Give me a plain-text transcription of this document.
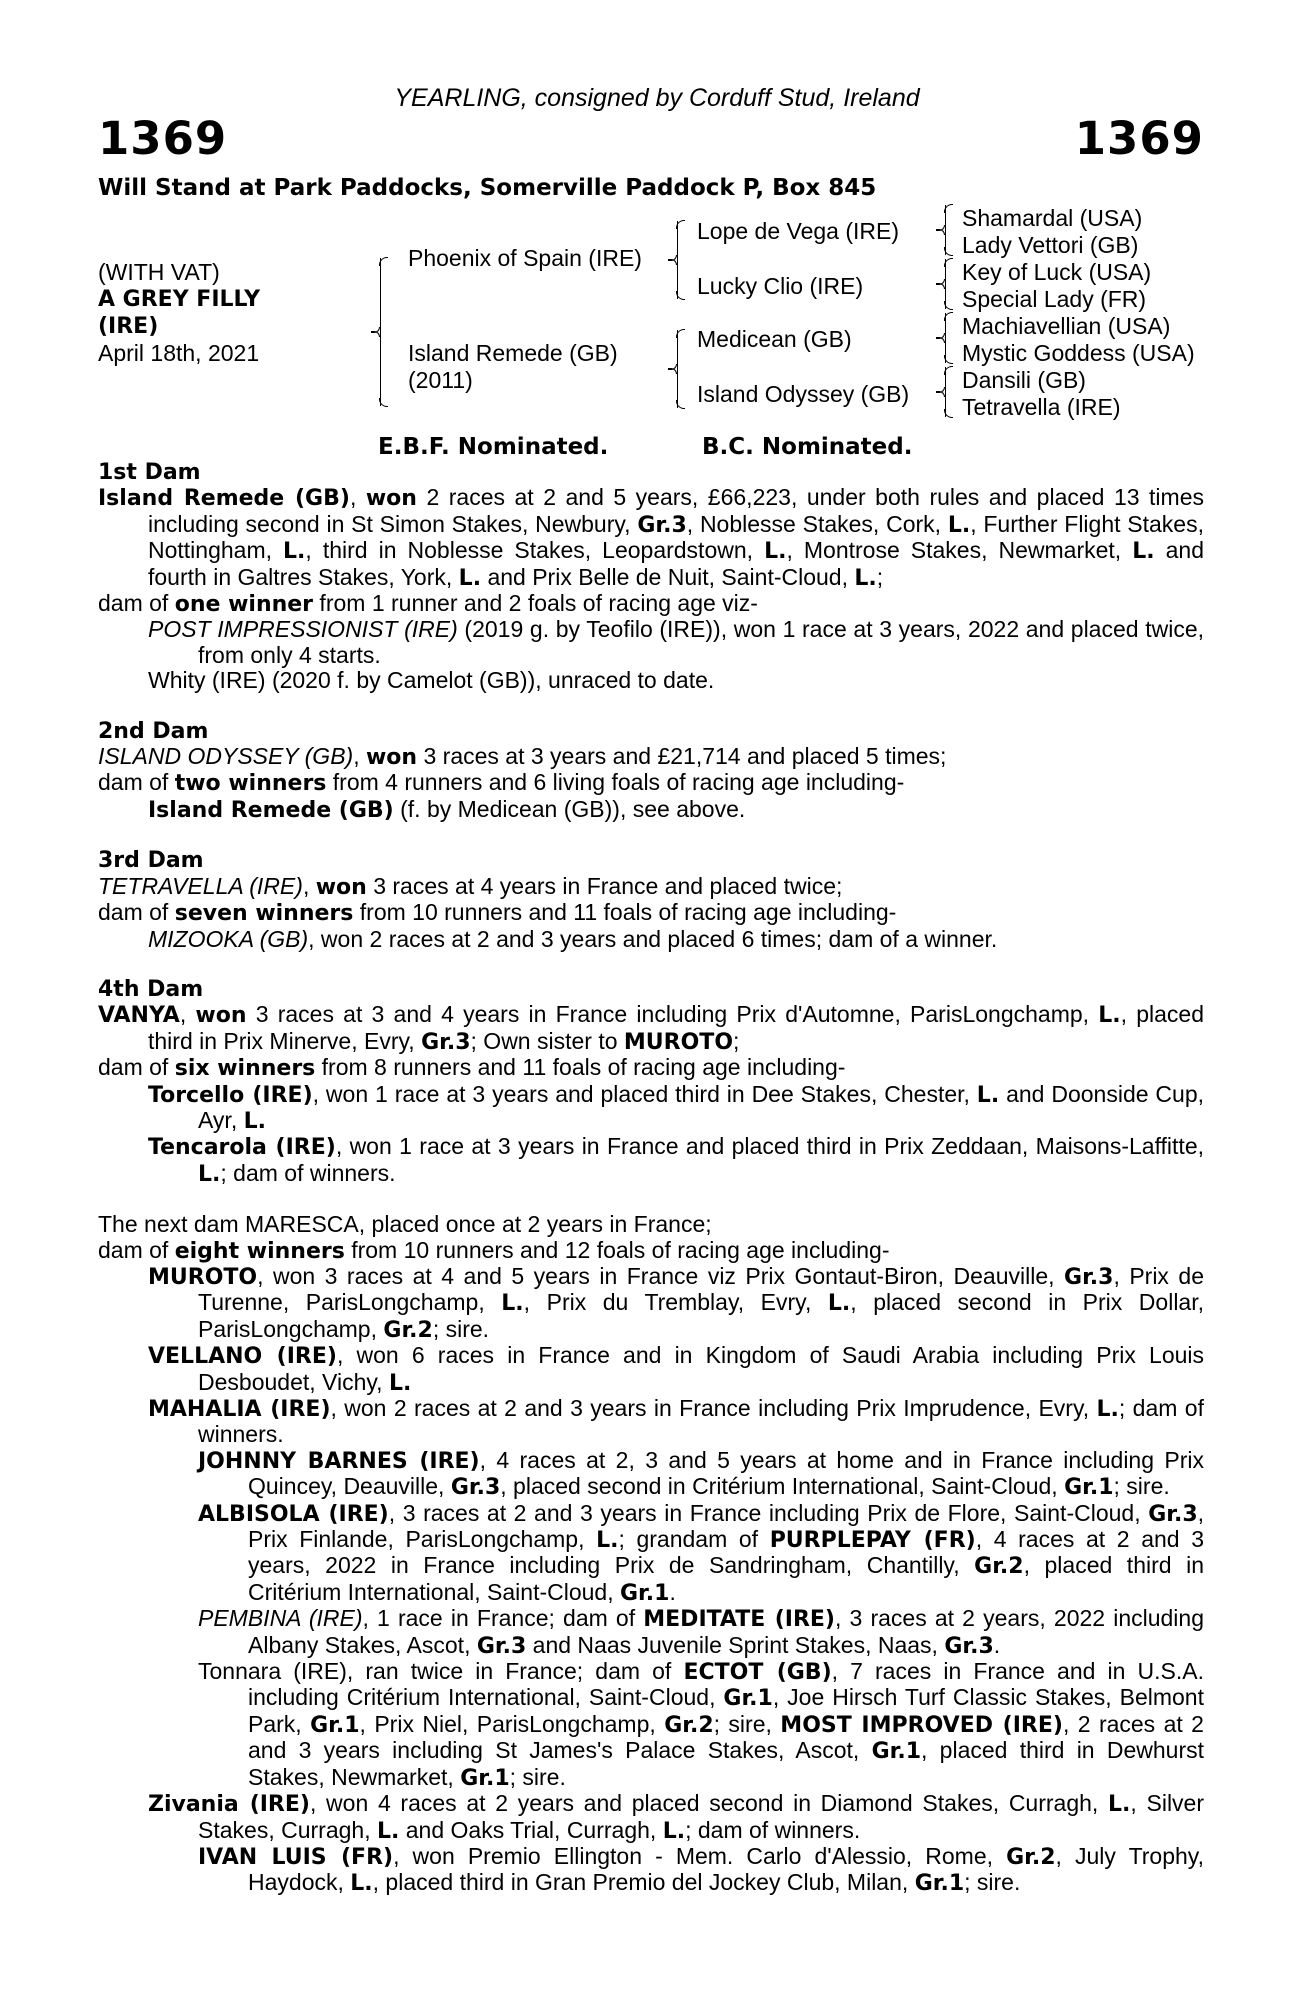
YEARLING, consigned by Corduff Stud, Ireland
1369	1369
Will Stand at Park Paddocks, Somerville Paddock P, Box 845
(WITH VAT)
A GREY FILLY
(IRE)
April 18th, 2021
Phoenix of Spain (IRE)
Island Remede (GB)
(2011)
Lope de Vega (IRE)
Lucky Clio (IRE)
Medicean (GB)
Island Odyssey (GB)
Shamardal (USA)
Lady Vettori (GB)
Key of Luck (USA)
Special Lady (FR)
Machiavellian (USA)
Mystic Goddess (USA)
Dansili (GB)
Tetravella (IRE)
E.B.F. Nominated.	B.C. Nominated.
1st Dam
Island Remede (GB), won 2 races at 2 and 5 years, £66,223, under both rules and placed 13 times including second in St Simon Stakes, Newbury, Gr.3, Noblesse Stakes, Cork, L., Further Flight Stakes, Nottingham, L., third in Noblesse Stakes, Leopardstown, L., Montrose Stakes, Newmarket, L. and fourth in Galtres Stakes, York, L. and Prix Belle de Nuit, Saint-Cloud, L.;
dam of one winner from 1 runner and 2 foals of racing age viz-
POST IMPRESSIONIST (IRE) (2019 g. by Teofilo (IRE)), won 1 race at 3 years, 2022 and placed twice, from only 4 starts.
Whity (IRE) (2020 f. by Camelot (GB)), unraced to date.
2nd Dam
ISLAND ODYSSEY (GB), won 3 races at 3 years and £21,714 and placed 5 times;
dam of two winners from 4 runners and 6 living foals of racing age including-
Island Remede (GB) (f. by Medicean (GB)), see above.
3rd Dam
TETRAVELLA (IRE), won 3 races at 4 years in France and placed twice;
dam of seven winners from 10 runners and 11 foals of racing age including-
MIZOOKA (GB), won 2 races at 2 and 3 years and placed 6 times; dam of a winner.
4th Dam
VANYA, won 3 races at 3 and 4 years in France including Prix d'Automne, ParisLongchamp, L., placed third in Prix Minerve, Evry, Gr.3; Own sister to MUROTO;
dam of six winners from 8 runners and 11 foals of racing age including-
Torcello (IRE), won 1 race at 3 years and placed third in Dee Stakes, Chester, L. and Doonside Cup, Ayr, L.
Tencarola (IRE), won 1 race at 3 years in France and placed third in Prix Zeddaan, Maisons-Laffitte, L.; dam of winners.
The next dam MARESCA, placed once at 2 years in France;
dam of eight winners from 10 runners and 12 foals of racing age including-
MUROTO, won 3 races at 4 and 5 years in France viz Prix Gontaut-Biron, Deauville, Gr.3, Prix de Turenne, ParisLongchamp, L., Prix du Tremblay, Evry, L., placed second in Prix Dollar, ParisLongchamp, Gr.2; sire.
VELLANO (IRE), won 6 races in France and in Kingdom of Saudi Arabia including Prix Louis Desboudet, Vichy, L.
MAHALIA (IRE), won 2 races at 2 and 3 years in France including Prix Imprudence, Evry, L.; dam of winners.
JOHNNY BARNES (IRE), 4 races at 2, 3 and 5 years at home and in France including Prix Quincey, Deauville, Gr.3, placed second in Critérium International, Saint-Cloud, Gr.1; sire.
ALBISOLA (IRE), 3 races at 2 and 3 years in France including Prix de Flore, Saint-Cloud, Gr.3, Prix Finlande, ParisLongchamp, L.; grandam of PURPLEPAY (FR), 4 races at 2 and 3 years, 2022 in France including Prix de Sandringham, Chantilly, Gr.2, placed third in Critérium International, Saint-Cloud, Gr.1.
PEMBINA (IRE), 1 race in France; dam of MEDITATE (IRE), 3 races at 2 years, 2022 including Albany Stakes, Ascot, Gr.3 and Naas Juvenile Sprint Stakes, Naas, Gr.3.
Tonnara (IRE), ran twice in France; dam of ECTOT (GB), 7 races in France and in U.S.A. including Critérium International, Saint-Cloud, Gr.1, Joe Hirsch Turf Classic Stakes, Belmont Park, Gr.1, Prix Niel, ParisLongchamp, Gr.2; sire, MOST IMPROVED (IRE), 2 races at 2 and 3 years including St James's Palace Stakes, Ascot, Gr.1, placed third in Dewhurst Stakes, Newmarket, Gr.1; sire.
Zivania (IRE), won 4 races at 2 years and placed second in Diamond Stakes, Curragh, L., Silver Stakes, Curragh, L. and Oaks Trial, Curragh, L.; dam of winners.
IVAN LUIS (FR), won Premio Ellington - Mem. Carlo d'Alessio, Rome, Gr.2, July Trophy, Haydock, L., placed third in Gran Premio del Jockey Club, Milan, Gr.1; sire.
